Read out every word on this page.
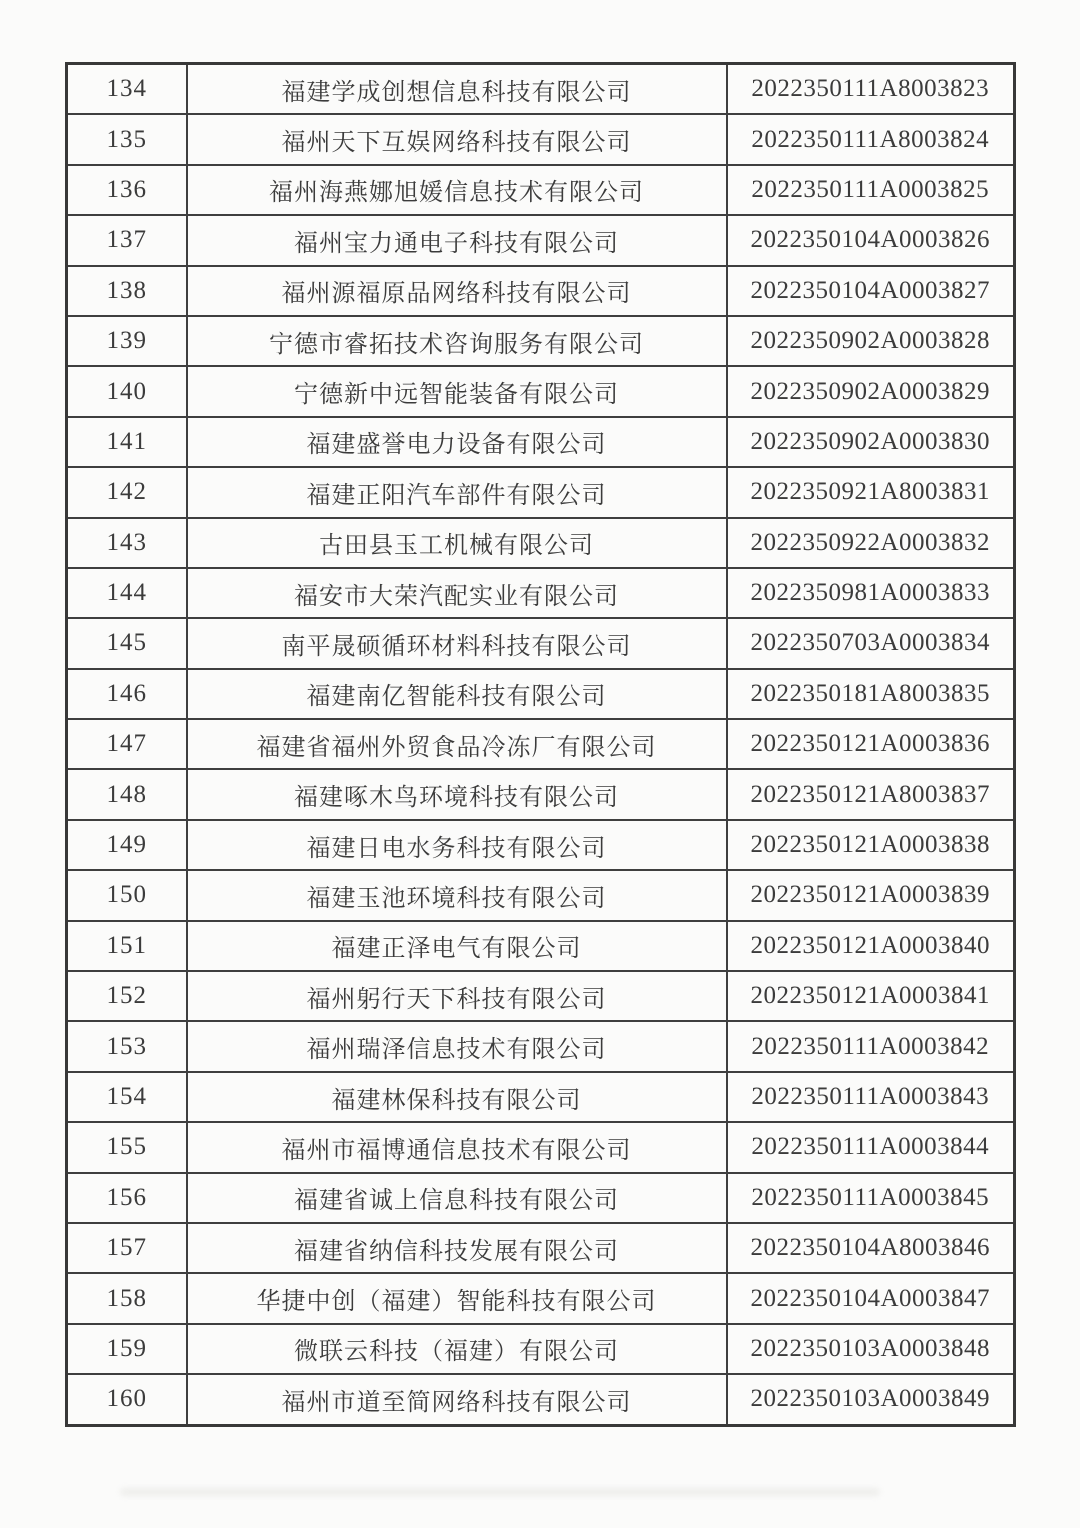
134	福建学成创想信息科技有限公司	2022350111A8003823
135	福州天下互娱网络科技有限公司	2022350111A8003824
136	福州海燕娜旭媛信息技术有限公司	2022350111A0003825
137	福州宝力通电子科技有限公司	2022350104A0003826
138	福州源福原品网络科技有限公司	2022350104A0003827
139	宁德市睿拓技术咨询服务有限公司	2022350902A0003828
140	宁德新中远智能装备有限公司	2022350902A0003829
141	福建盛誉电力设备有限公司	2022350902A0003830
142	福建正阳汽车部件有限公司	2022350921A8003831
143	古田县玉工机械有限公司	2022350922A0003832
144	福安市大荣汽配实业有限公司	2022350981A0003833
145	南平晟硕循环材料科技有限公司	2022350703A0003834
146	福建南亿智能科技有限公司	2022350181A8003835
147	福建省福州外贸食品冷冻厂有限公司	2022350121A0003836
148	福建啄木鸟环境科技有限公司	2022350121A8003837
149	福建日电水务科技有限公司	2022350121A0003838
150	福建玉池环境科技有限公司	2022350121A0003839
151	福建正泽电气有限公司	2022350121A0003840
152	福州躬行天下科技有限公司	2022350121A0003841
153	福州瑞泽信息技术有限公司	2022350111A0003842
154	福建林保科技有限公司	2022350111A0003843
155	福州市福博通信息技术有限公司	2022350111A0003844
156	福建省诚上信息科技有限公司	2022350111A0003845
157	福建省纳信科技发展有限公司	2022350104A8003846
158	华捷中创（福建）智能科技有限公司	2022350104A0003847
159	微联云科技（福建）有限公司	2022350103A0003848
160	福州市道至简网络科技有限公司	2022350103A0003849
